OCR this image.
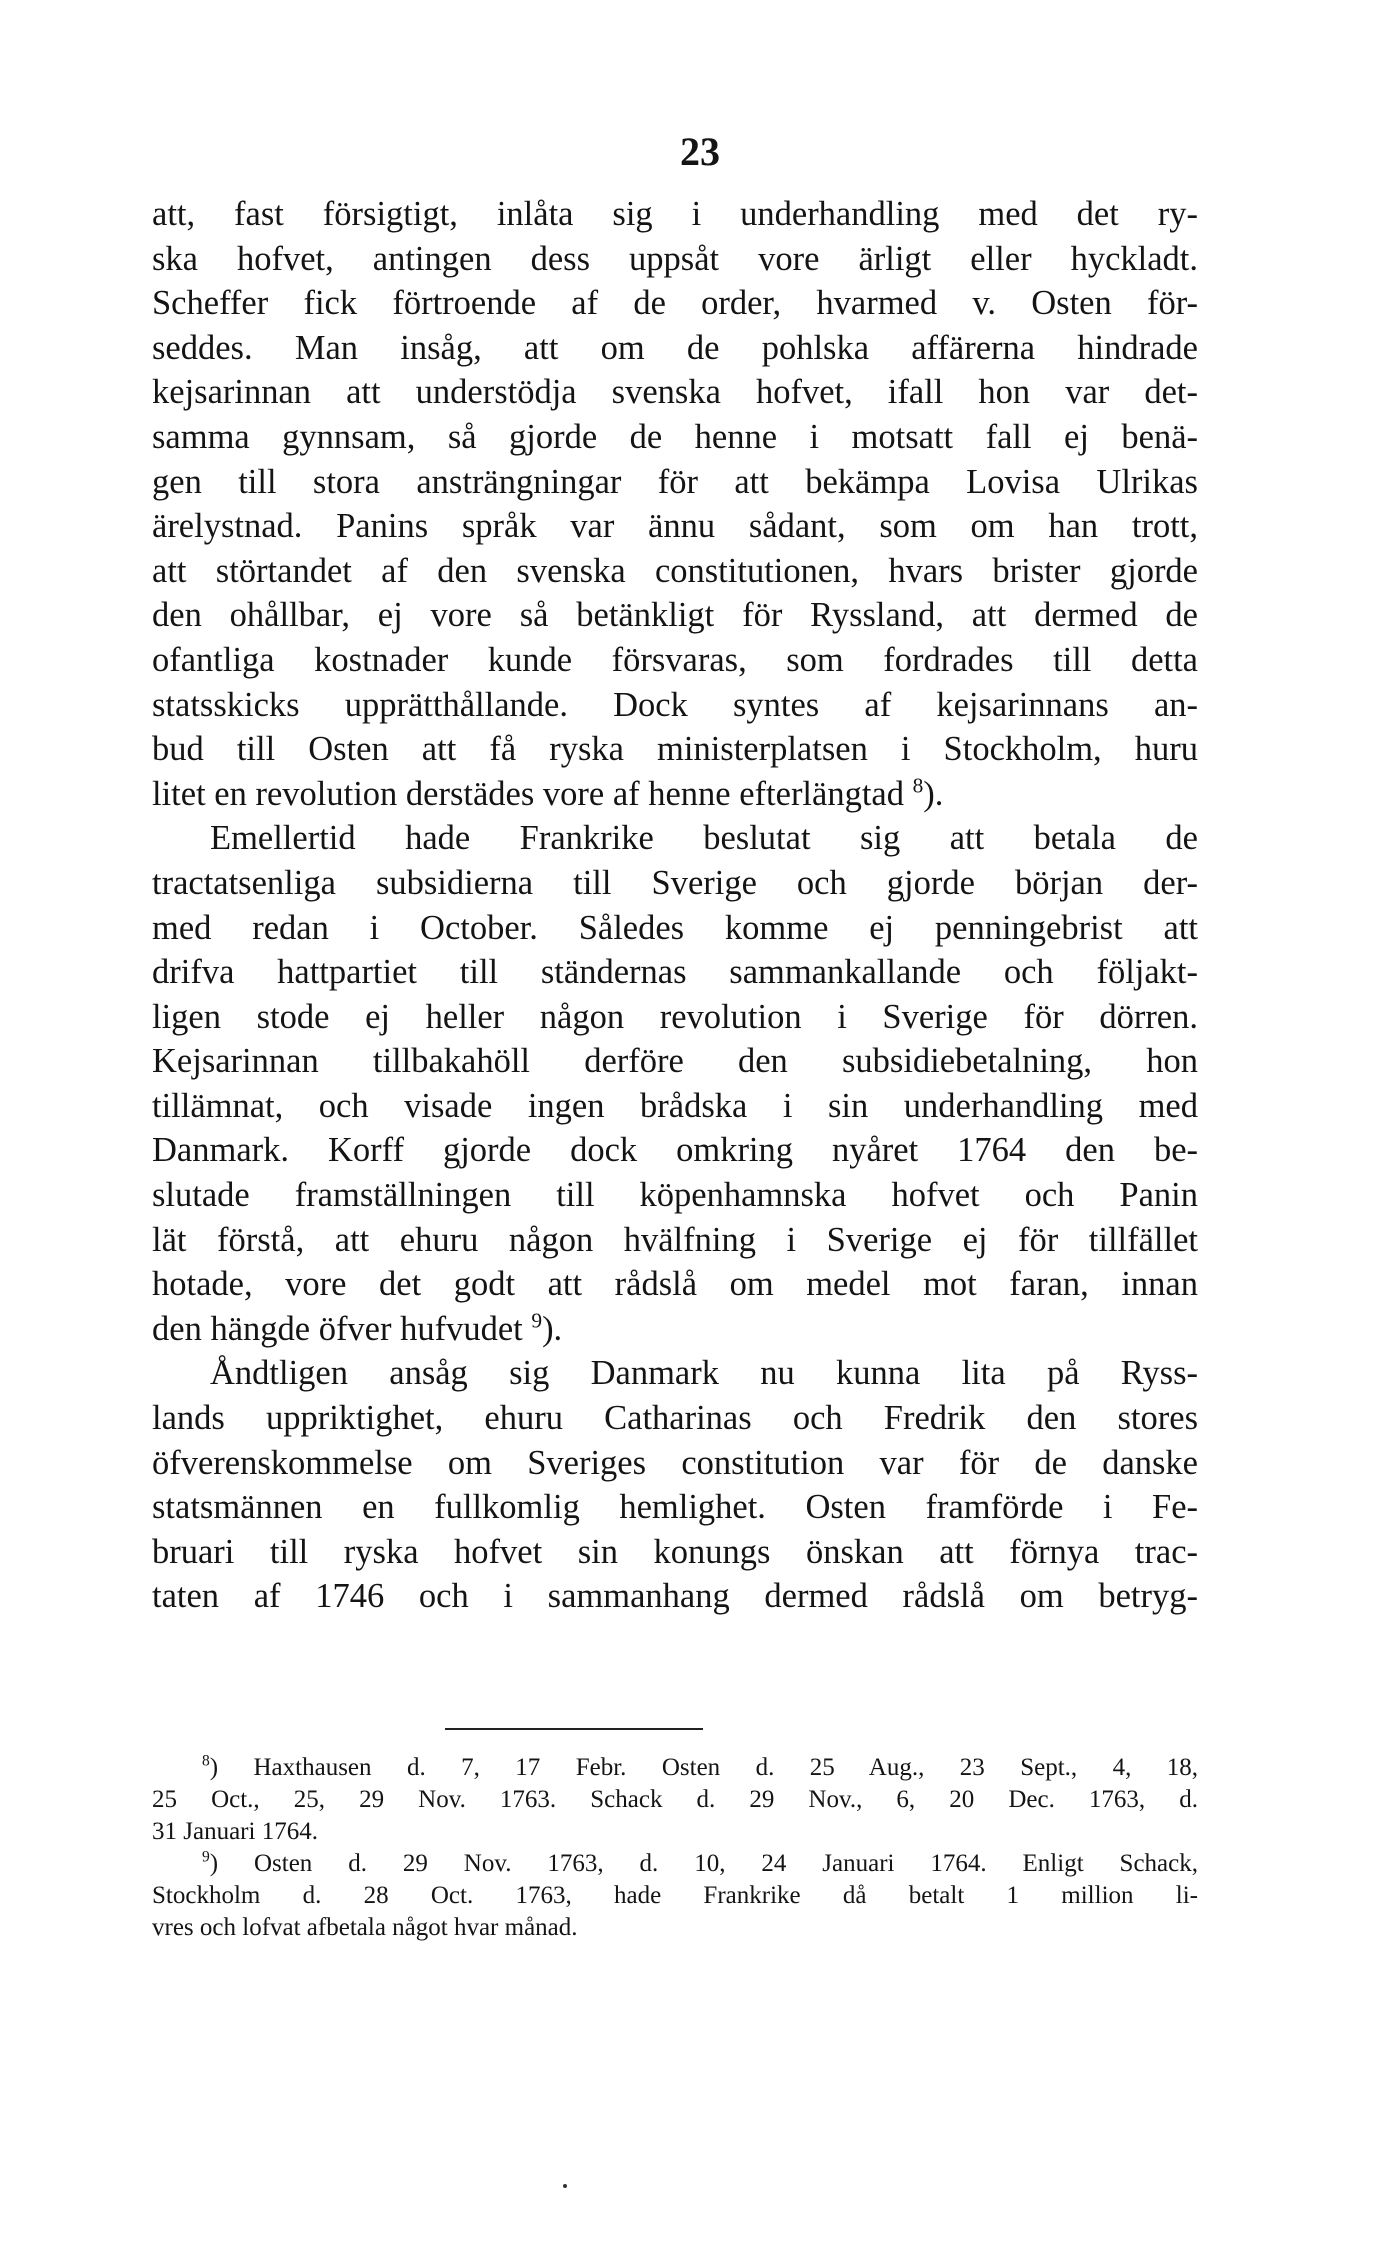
23
att, fast försigtigt, inlåta sig i underhandling med det ry-
ska hofvet, antingen dess uppsåt vore ärligt eller hyckladt.
Scheffer fick förtroende af de order, hvarmed v. Osten för-
seddes. Man insåg, att om de pohlska affärerna hindrade
kejsarinnan att understödja svenska hofvet, ifall hon var det-
samma gynnsam, så gjorde de henne i motsatt fall ej benä-
gen till stora ansträngningar för att bekämpa Lovisa Ulrikas
ärelystnad. Panins språk var ännu sådant, som om han trott,
att störtandet af den svenska constitutionen, hvars brister gjorde
den ohållbar, ej vore så betänkligt för Ryssland, att dermed de
ofantliga kostnader kunde försvaras, som fordrades till detta
statsskicks upprätthållande. Dock syntes af kejsarinnans an-
bud till Osten att få ryska ministerplatsen i Stockholm, huru
litet en revolution derstädes vore af henne efterlängtad $^8$).
Emellertid hade Frankrike beslutat sig att betala de
tractatsenliga subsidierna till Sverige och gjorde början der-
med redan i October. Således komme ej penningebrist att
drifva hattpartiet till ständernas sammankallande och följakt-
ligen stode ej heller någon revolution i Sverige för dörren.
Kejsarinnan tillbakahöll derföre den subsidiebetalning, hon
tillämnat, och visade ingen brådska i sin underhandling med
Danmark. Korff gjorde dock omkring nyåret 1764 den be-
slutade framställningen till köpenhamnska hofvet och Panin
lät förstå, att ehuru någon hvälfning i Sverige ej för tillfället
hotade, vore det godt att rådslå om medel mot faran, innan
den hängde öfver hufvudet $^9$).
Åndtligen ansåg sig Danmark nu kunna lita på Ryss-
lands uppriktighet, ehuru Catharinas och Fredrik den stores
öfverenskommelse om Sveriges constitution var för de danske
statsmännen en fullkomlig hemlighet. Osten framförde i Fe-
bruari till ryska hofvet sin konungs önskan att förnya trac-
taten af 1746 och i sammanhang dermed rådslå om betryg-
$^8$) Haxthausen d. 7, 17 Febr. Osten d. 25 Aug., 23 Sept., 4, 18,
25 Oct., 25, 29 Nov. 1763. Schack d. 29 Nov., 6, 20 Dec. 1763, d.
31 Januari 1764.
$^9$) Osten d. 29 Nov. 1763, d. 10, 24 Januari 1764. Enligt Schack,
Stockholm d. 28 Oct. 1763, hade Frankrike då betalt 1 million li-
vres och lofvat afbetala något hvar månad.
